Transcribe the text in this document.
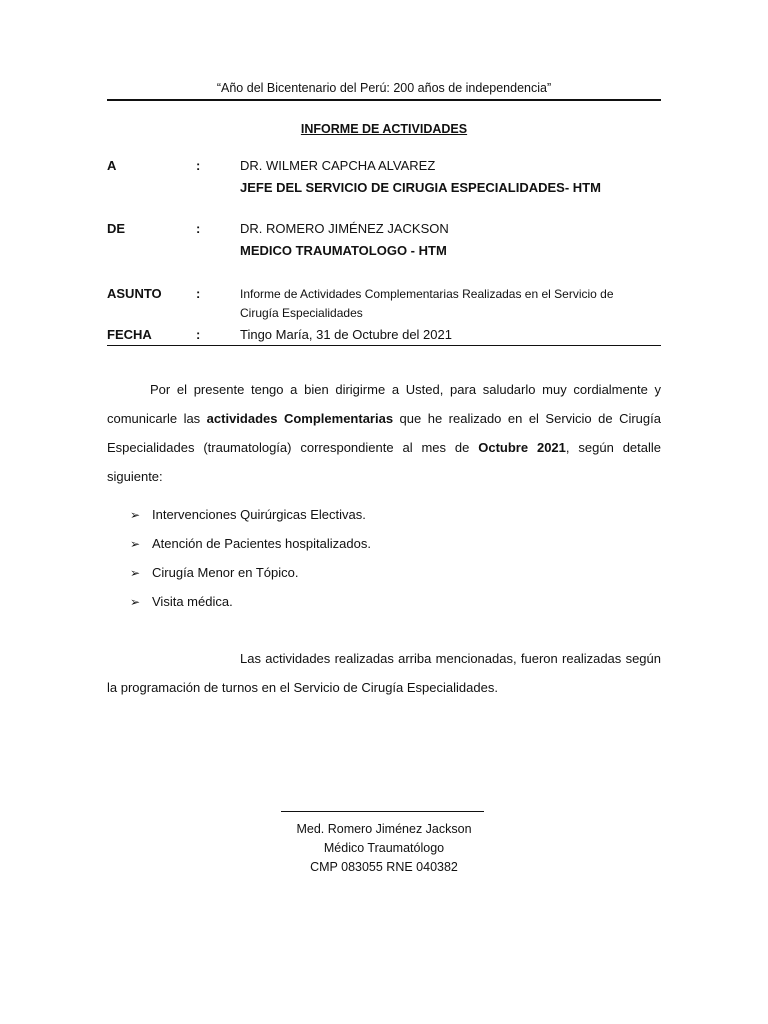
“Año del Bicentenario del Perú: 200 años de independencia”
INFORME DE ACTIVIDADES
A	:	DR. WILMER CAPCHA ALVAREZ
JEFE DEL SERVICIO DE CIRUGIA ESPECIALIDADES- HTM
DE	:	DR. ROMERO JIMÉNEZ JACKSON
MEDICO TRAUMATOLOGO - HTM
ASUNTO	:	Informe de Actividades Complementarias Realizadas en el Servicio de
Cirugía Especialidades
FECHA	:	Tingo María, 31 de Octubre del 2021
Por el presente tengo a bien dirigirme a Usted, para saludarlo muy cordialmente y comunicarle las actividades Complementarias que he realizado en el Servicio de Cirugía Especialidades (traumatología) correspondiente al mes de Octubre 2021, según detalle siguiente:
➢ Intervenciones Quirúrgicas Electivas.
➢ Atención de Pacientes hospitalizados.
➢ Cirugía Menor en Tópico.
➢ Visita médica.
Las actividades realizadas arriba mencionadas, fueron realizadas según la programación de turnos en el Servicio de Cirugía Especialidades.
Med. Romero Jiménez Jackson
Médico Traumatólogo
CMP 083055 RNE 040382
